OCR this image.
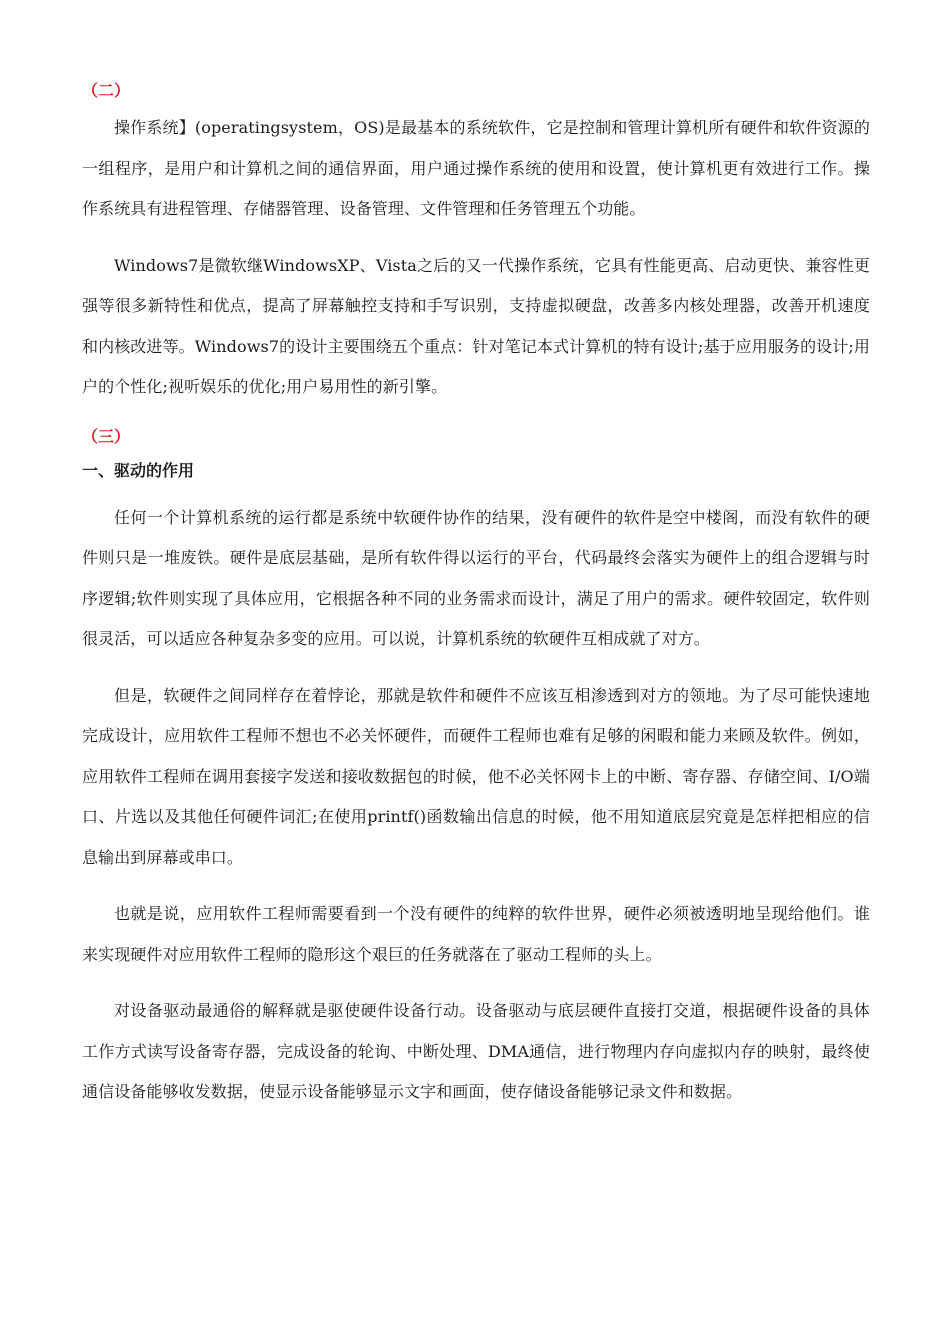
（二）

操作系统】(operatingsystem，OS)是最基本的系统软件，它是控制和管理计算机所有硬件和软件资源的一组程序，是用户和计算机之间的通信界面，用户通过操作系统的使用和设置，使计算机更有效进行工作。操作系统具有进程管理、存储器管理、设备管理、文件管理和任务管理五个功能。

Windows7是微软继WindowsXP、Vista之后的又一代操作系统，它具有性能更高、启动更快、兼容性更强等很多新特性和优点，提高了屏幕触控支持和手写识别，支持虚拟硬盘，改善多内核处理器，改善开机速度和内核改进等。Windows7的设计主要围绕五个重点：针对笔记本式计算机的特有设计;基于应用服务的设计;用户的个性化;视听娱乐的优化;用户易用性的新引擎。

（三）

一、驱动的作用

任何一个计算机系统的运行都是系统中软硬件协作的结果，没有硬件的软件是空中楼阁，而没有软件的硬件则只是一堆废铁。硬件是底层基础，是所有软件得以运行的平台，代码最终会落实为硬件上的组合逻辑与时序逻辑;软件则实现了具体应用，它根据各种不同的业务需求而设计，满足了用户的需求。硬件较固定，软件则很灵活，可以适应各种复杂多变的应用。可以说，计算机系统的软硬件互相成就了对方。

但是，软硬件之间同样存在着悖论，那就是软件和硬件不应该互相渗透到对方的领地。为了尽可能快速地完成设计，应用软件工程师不想也不必关怀硬件，而硬件工程师也难有足够的闲暇和能力来顾及软件。例如，应用软件工程师在调用套接字发送和接收数据包的时候，他不必关怀网卡上的中断、寄存器、存储空间、I/O端口、片选以及其他任何硬件词汇;在使用printf()函数输出信息的时候，他不用知道底层究竟是怎样把相应的信息输出到屏幕或串口。

也就是说，应用软件工程师需要看到一个没有硬件的纯粹的软件世界，硬件必须被透明地呈现给他们。谁来实现硬件对应用软件工程师的隐形这个艰巨的任务就落在了驱动工程师的头上。

对设备驱动最通俗的解释就是驱使硬件设备行动。设备驱动与底层硬件直接打交道，根据硬件设备的具体工作方式读写设备寄存器，完成设备的轮询、中断处理、DMA通信，进行物理内存向虚拟内存的映射，最终使通信设备能够收发数据，使显示设备能够显示文字和画面，使存储设备能够记录文件和数据。
